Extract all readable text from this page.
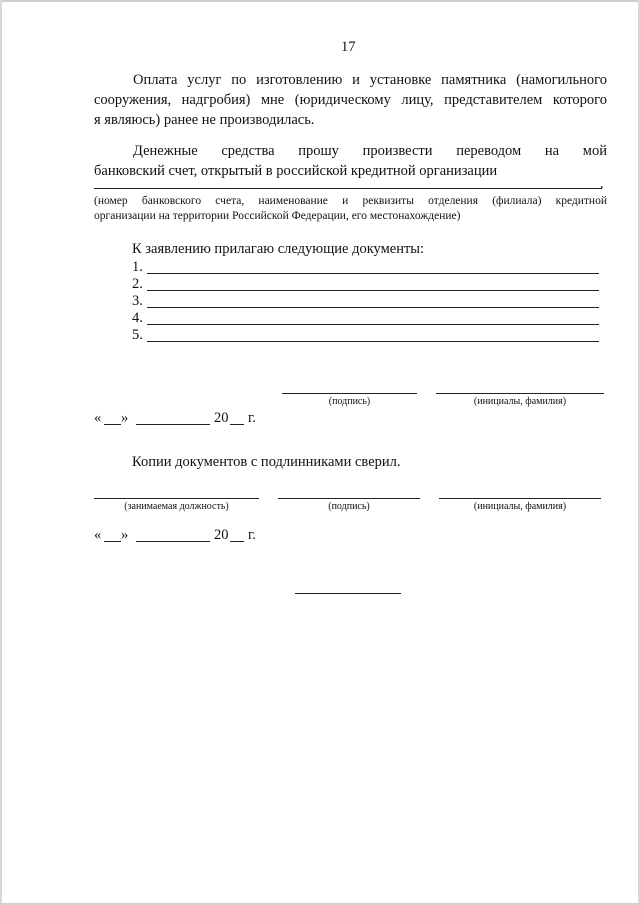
17
Оплата услуг по изготовлению и установке памятника (намогильного
сооружения, надгробия) мне (юридическому лицу, представителем которого
я являюсь) ранее не производилась.
Денежные средства прошу произвести переводом на мой
банковский счет, открытый в российской кредитной организации
.
(номер банковского счета, наименование и реквизиты отделения (филиала) кредитной
организации на территории Российской Федерации, его местонахождение)
К заявлению прилагаю следующие документы:
1.
2.
3.
4.
5.
(подпись)	(инициалы, фамилия)
« »	20 г.
Копии документов с подлинниками сверил.
(занимаемая должность)	(подпись)	(инициалы, фамилия)
« »	20 г.
